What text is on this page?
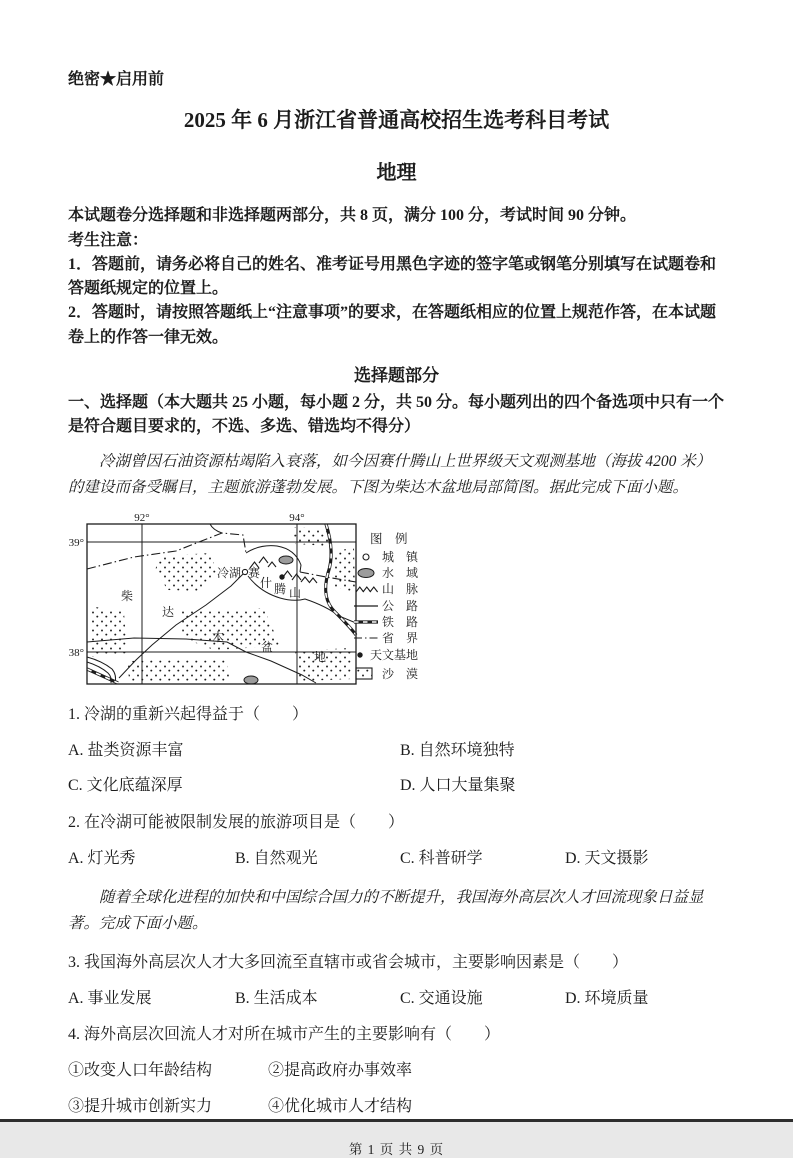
绝密★启用前
2025 年 6 月浙江省普通高校招生选考科目考试
地理

本试题卷分选择题和非选择题两部分，共 8 页，满分 100 分，考试时间 90 分钟。

考生注意：

1．答题前，请务必将自己的姓名、准考证号用黑色字迹的签字笔或钢笔分别填写在试题卷和答题纸规定的位置上。

2．答题时，请按照答题纸上“注意事项”的要求，在答题纸相应的位置上规范作答，在本试题卷上的作答一律无效。

选择题部分

一、选择题（本大题共 25 小题，每小题 2 分，共 50 分。每小题列出的四个备选项中只有一个是符合题目要求的，不选、多选、错选均不得分）

冷湖曾因石油资源枯竭陷入衰落，如今因赛什腾山上世界级天文观测基地（海拔 4200 米）的建设而备受瞩目，主题旅游蓬勃发展。下图为柴达木盆地局部简图。据此完成下面小题。

92°	94°
39°
38°
柴
达
木
盆
地
冷湖 赛
什 腾 山
图　例
城　镇
水　域
山　脉
公　路
铁　路
省　界
天文基地
沙　漠
1. 冷湖的重新兴起得益于（　　）
A. 盐类资源丰富	B. 自然环境独特
C. 文化底蕴深厚	D. 人口大量集聚
2. 在冷湖可能被限制发展的旅游项目是（　　）
A. 灯光秀	B. 自然观光	C. 科普研学	D. 天文摄影

随着全球化进程的加快和中国综合国力的不断提升，我国海外高层次人才回流现象日益显著。完成下面小题。

3. 我国海外高层次人才大多回流至直辖市或省会城市，主要影响因素是（　　）
A. 事业发展	B. 生活成本	C. 交通设施	D. 环境质量
4. 海外高层次回流人才对所在城市产生的主要影响有（　　）
①改变人口年龄结构	②提高政府办事效率
③提升城市创新实力	④优化城市人才结构
第 1 页 共 9 页
